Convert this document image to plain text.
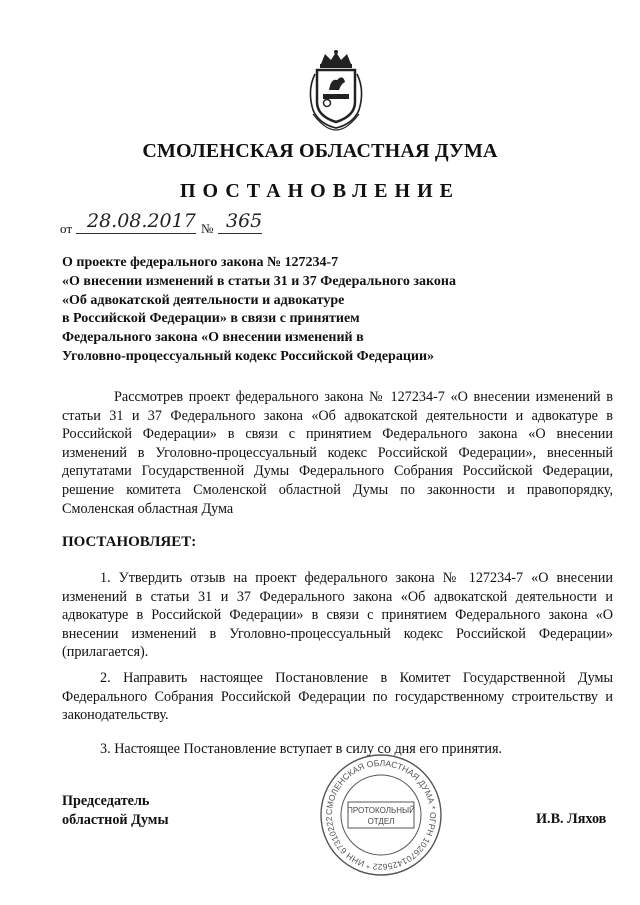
СМОЛЕНСКАЯ ОБЛАСТНАЯ ДУМА
ПОСТАНОВЛЕНИЕ
от 28.08.2017 № 365
О проекте федерального закона № 127234-7
«О внесении изменений в статьи 31 и 37 Федерального закона
«Об адвокатской деятельности и адвокатуре
в Российской Федерации» в связи с принятием
Федерального закона «О внесении изменений в
Уголовно-процессуальный кодекс Российской Федерации»
Рассмотрев проект федерального закона № 127234-7 «О внесении изменений в статьи 31 и 37 Федерального закона «Об адвокатской деятельности и адвокатуре в Российской Федерации» в связи с принятием Федерального закона «О внесении изменений в Уголовно-процессуальный кодекс Российской Федерации», внесенный депутатами Государственной Думы Федерального Собрания Российской Федерации, решение комитета Смоленской областной Думы по законности и правопорядку, Смоленская областная Дума
ПОСТАНОВЛЯЕТ:
1. Утвердить отзыв на проект федерального закона № 127234-7 «О внесении изменений в статьи 31 и 37 Федерального закона «Об адвокатской деятельности и адвокатуре в Российской Федерации» в связи с принятием Федерального закона «О внесении изменений в Уголовно-процессуальный кодекс Российской Федерации» (прилагается).
2. Направить настоящее Постановление в Комитет Государственной Думы Федерального Собрания Российской Федерации по государственному строительству и законодательству.
3. Настоящее Постановление вступает в силу со дня его принятия.
СМОЛЕНСКАЯ ОБЛАСТНАЯ ДУМА * ОГРН 1026701425622 * ИНН 67310222
ПРОТОКОЛЬНЫЙ
ОТДЕЛ
Председатель
областной Думы	И.В. Ляхов
